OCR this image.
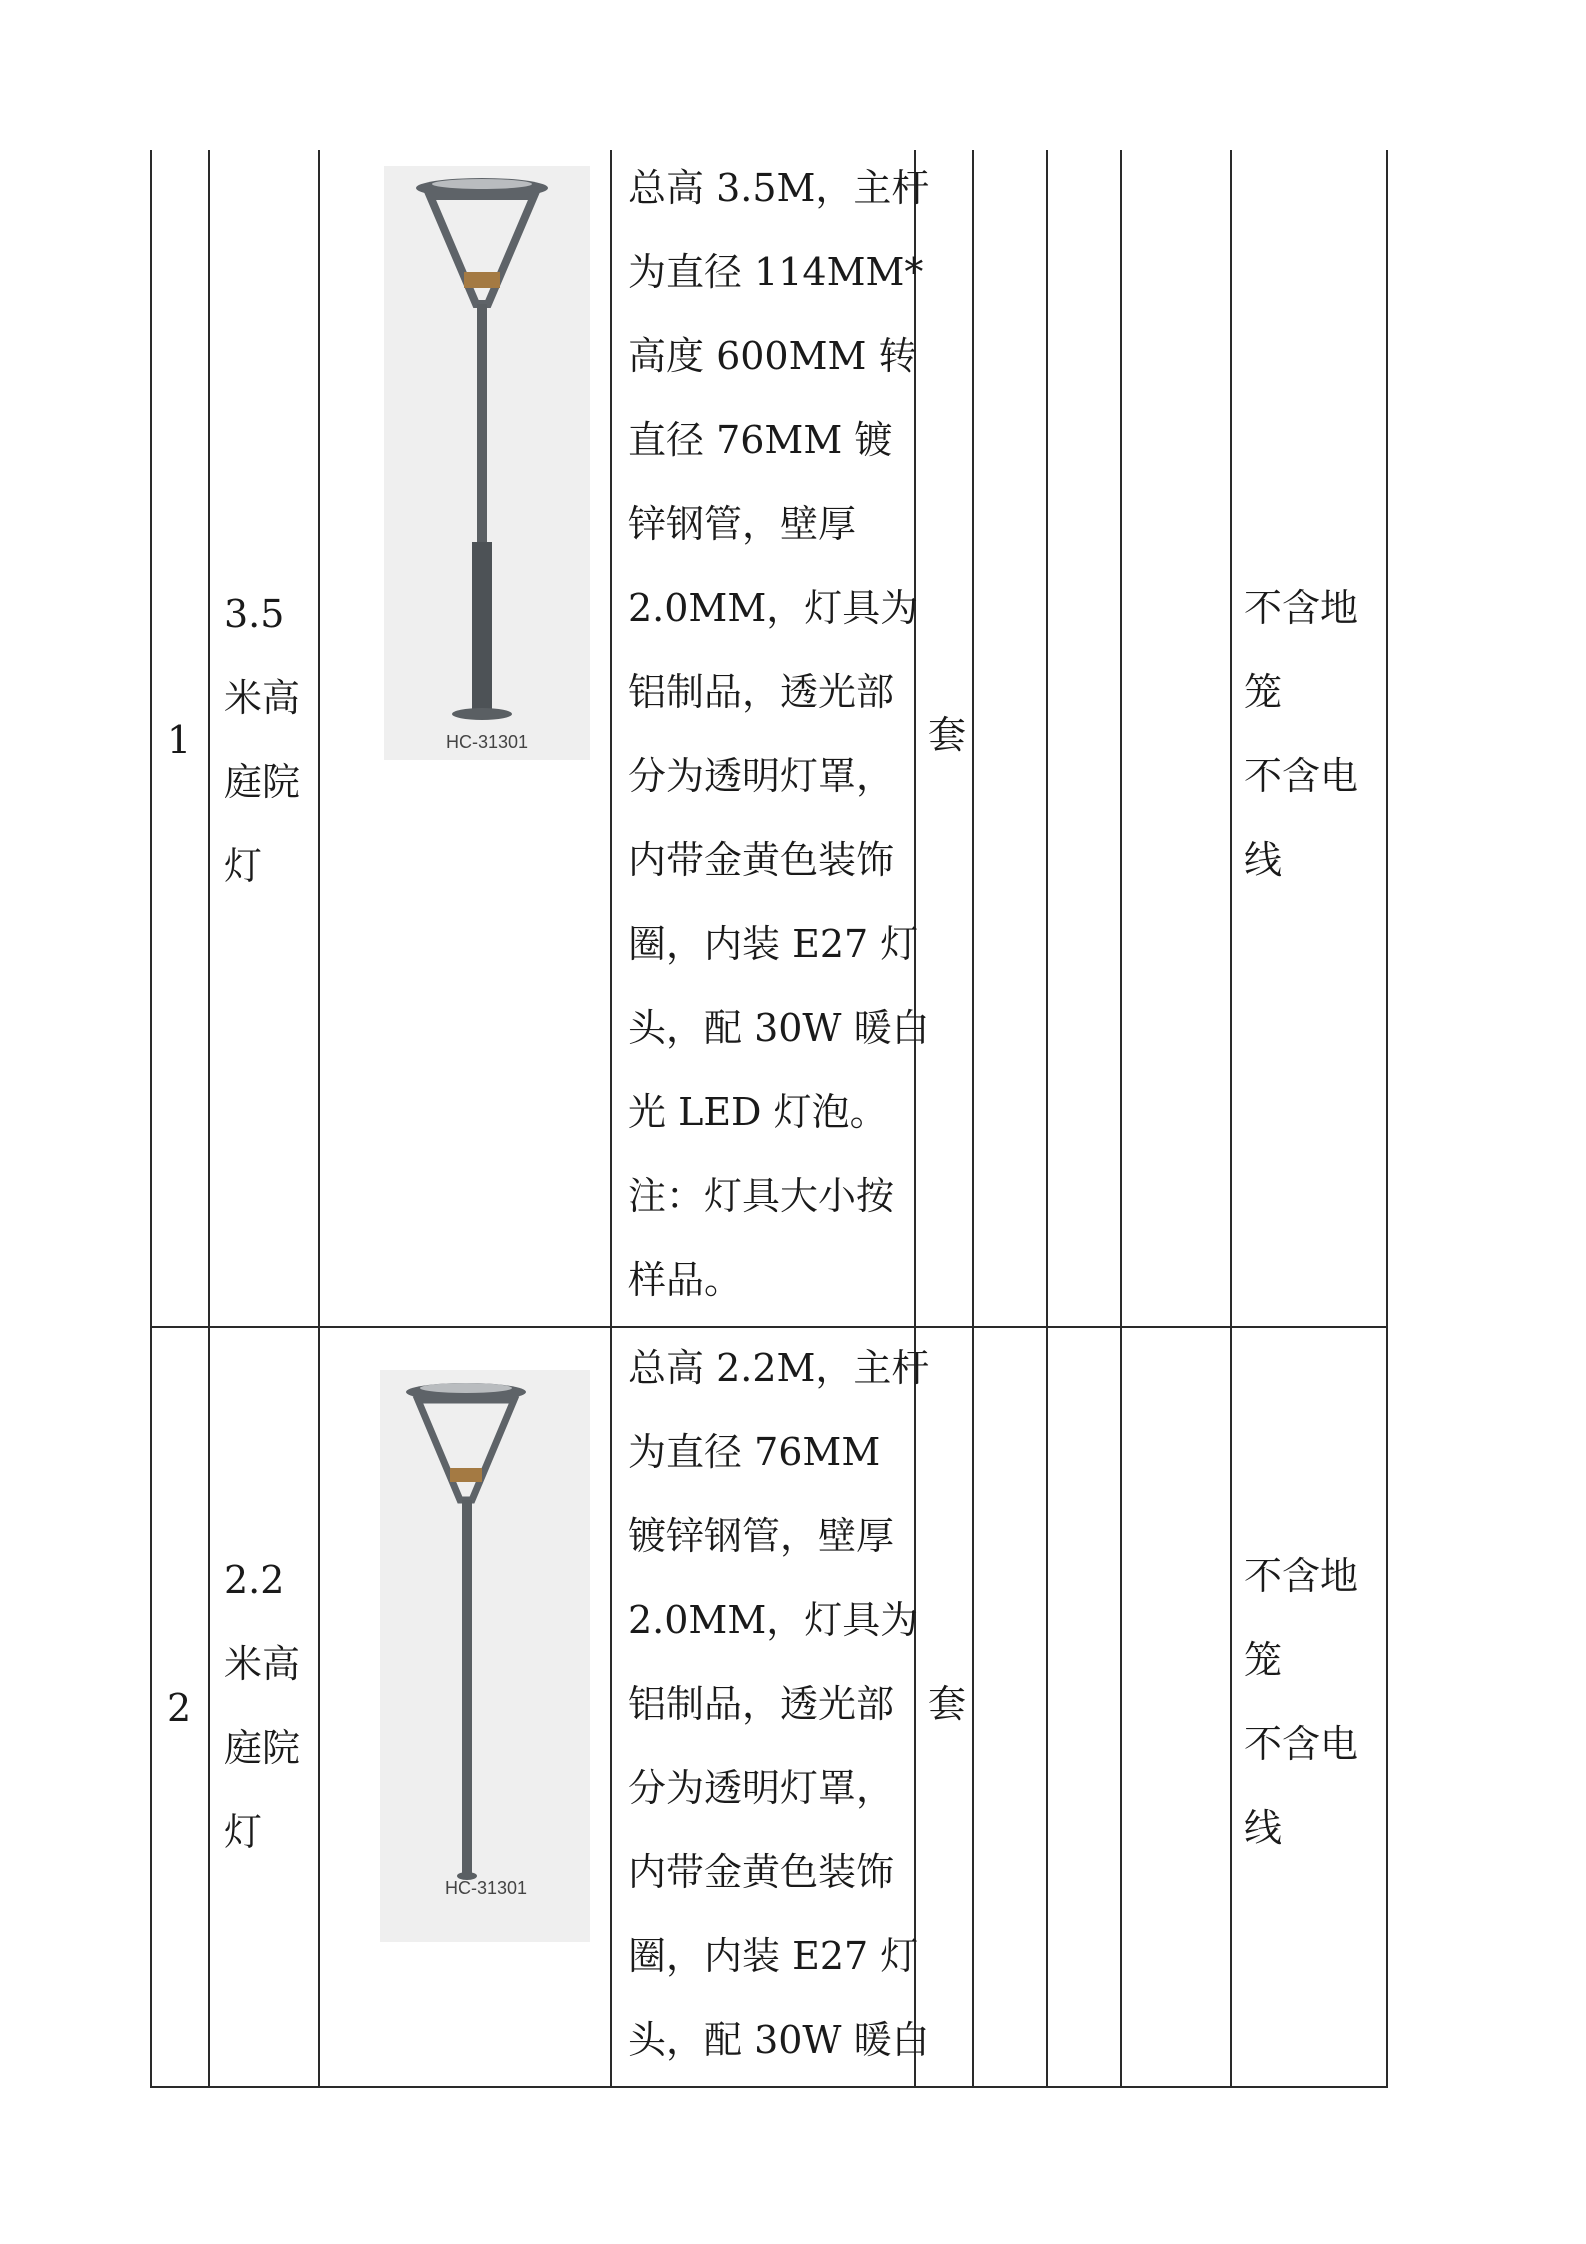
1
3.5
米高
庭院
灯
HC-31301
总高 3.5M，主杆
为直径 114MM*
高度 600MM 转
直径 76MM 镀
锌钢管，壁厚
2.0MM，灯具为
铝制品，透光部
分为透明灯罩，
内带金黄色装饰
圈，内装 E27 灯
头，配 30W 暖白
光 LED 灯泡。
注：灯具大小按
样品。
套
不含地
笼
不含电
线
2
2.2
米高
庭院
灯
HC-31301
总高 2.2M，主杆
为直径 76MM
镀锌钢管，壁厚
2.0MM，灯具为
铝制品，透光部
分为透明灯罩，
内带金黄色装饰
圈，内装 E27 灯
头，配 30W 暖白
套
不含地
笼
不含电
线
